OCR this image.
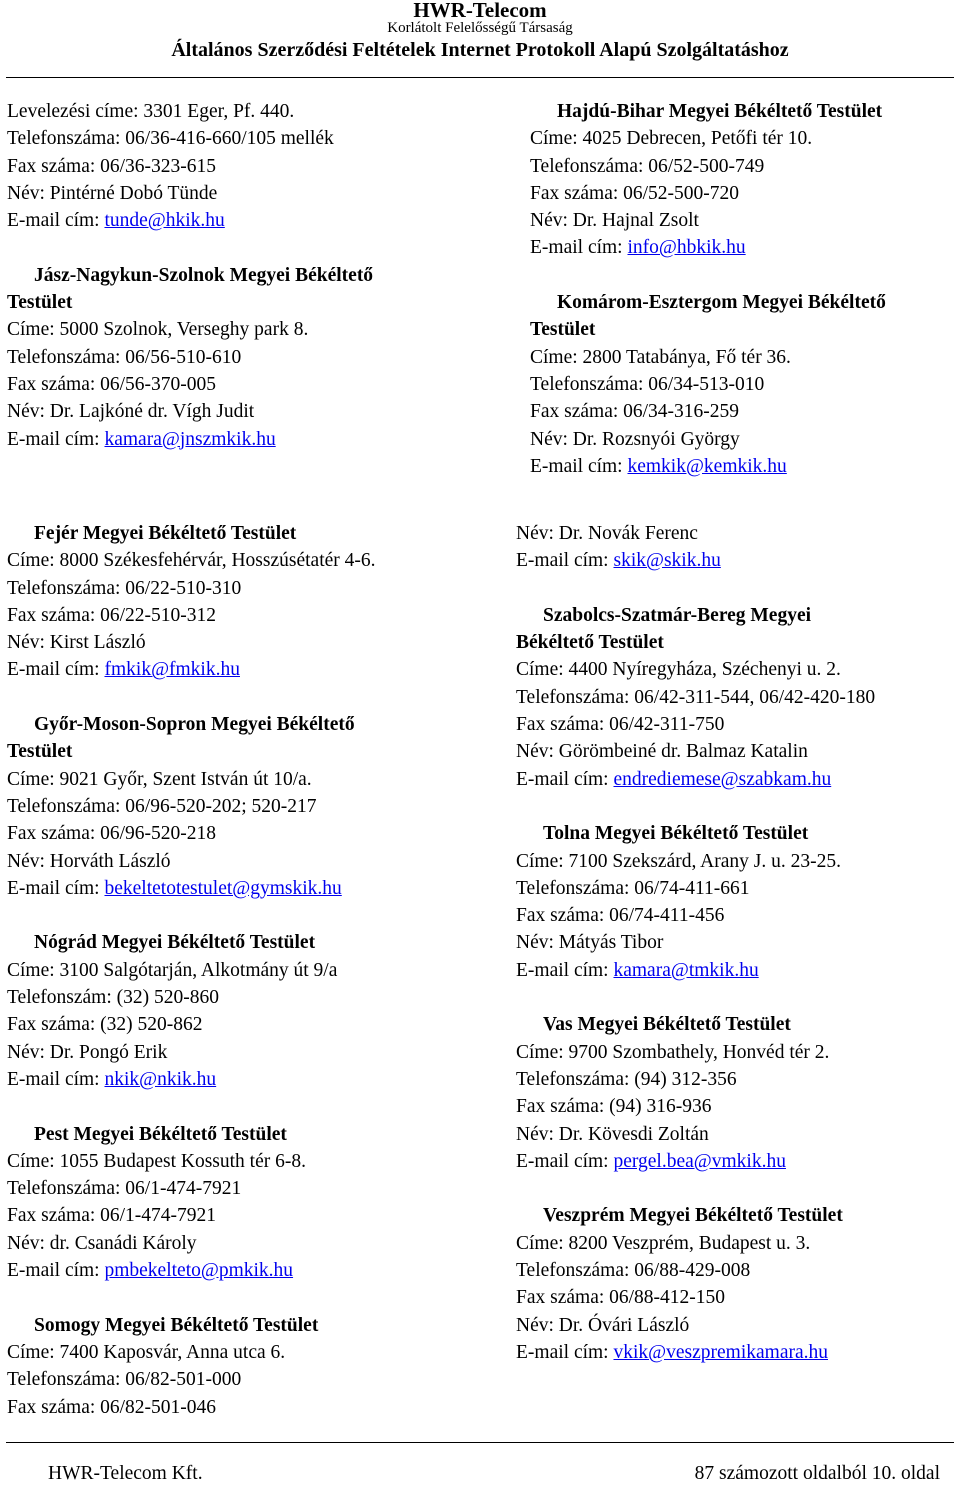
HWR-Telecom
Korlátolt Felelősségű Társaság
Általános Szerződési Feltételek Internet Protokoll Alapú Szolgáltatáshoz
Levelezési címe: 3301 Eger, Pf. 440.
Telefonszáma: 06/36-416-660/105 mellék
Fax száma: 06/36-323-615
Név: Pintérné Dobó Tünde
E-mail cím: tunde@hkik.hu
Jász-Nagykun-Szolnok Megyei Békéltető
Testület
Címe: 5000 Szolnok, Verseghy park 8.
Telefonszáma: 06/56-510-610
Fax száma: 06/56-370-005
Név: Dr. Lajkóné dr. Vígh Judit
E-mail cím: kamara@jnszmkik.hu
Hajdú-Bihar Megyei Békéltető Testület
Címe: 4025 Debrecen, Petőfi tér 10.
Telefonszáma: 06/52-500-749
Fax száma: 06/52-500-720
Név: Dr. Hajnal Zsolt
E-mail cím: info@hbkik.hu
Komárom-Esztergom Megyei Békéltető
Testület
Címe: 2800 Tatabánya, Fő tér 36.
Telefonszáma: 06/34-513-010
Fax száma: 06/34-316-259
Név: Dr. Rozsnyói György
E-mail cím: kemkik@kemkik.hu
Fejér Megyei Békéltető Testület
Címe: 8000 Székesfehérvár, Hosszúsétatér 4-6.
Telefonszáma: 06/22-510-310
Fax száma: 06/22-510-312
Név: Kirst László
E-mail cím: fmkik@fmkik.hu
Győr-Moson-Sopron Megyei Békéltető
Testület
Címe: 9021 Győr, Szent István út 10/a.
Telefonszáma: 06/96-520-202; 520-217
Fax száma: 06/96-520-218
Név: Horváth László
E-mail cím: bekeltetotestulet@gymskik.hu
Nógrád Megyei Békéltető Testület
Címe: 3100 Salgótarján, Alkotmány út 9/a
Telefonszám: (32) 520-860
Fax száma: (32) 520-862
Név: Dr. Pongó Erik
E-mail cím: nkik@nkik.hu
Pest Megyei Békéltető Testület
Címe: 1055 Budapest Kossuth tér 6-8.
Telefonszáma: 06/1-474-7921
Fax száma: 06/1-474-7921
Név: dr. Csanádi Károly
E-mail cím: pmbekelteto@pmkik.hu
Somogy Megyei Békéltető Testület
Címe: 7400 Kaposvár, Anna utca 6.
Telefonszáma: 06/82-501-000
Fax száma: 06/82-501-046
Név: Dr. Novák Ferenc
E-mail cím: skik@skik.hu
Szabolcs-Szatmár-Bereg Megyei
Békéltető Testület
Címe: 4400 Nyíregyháza, Széchenyi u. 2.
Telefonszáma: 06/42-311-544, 06/42-420-180
Fax száma: 06/42-311-750
Név: Görömbeiné dr. Balmaz Katalin
E-mail cím: endrediemese@szabkam.hu
Tolna Megyei Békéltető Testület
Címe: 7100 Szekszárd, Arany J. u. 23-25.
Telefonszáma: 06/74-411-661
Fax száma: 06/74-411-456
Név: Mátyás Tibor
E-mail cím: kamara@tmkik.hu
Vas Megyei Békéltető Testület
Címe: 9700 Szombathely, Honvéd tér 2.
Telefonszáma: (94) 312-356
Fax száma: (94) 316-936
Név: Dr. Kövesdi Zoltán
E-mail cím: pergel.bea@vmkik.hu
Veszprém Megyei Békéltető Testület
Címe: 8200 Veszprém, Budapest u. 3.
Telefonszáma: 06/88-429-008
Fax száma: 06/88-412-150
Név: Dr. Óvári László
E-mail cím: vkik@veszpremikamara.hu
HWR-Telecom Kft.	87 számozott oldalból 10. oldal
